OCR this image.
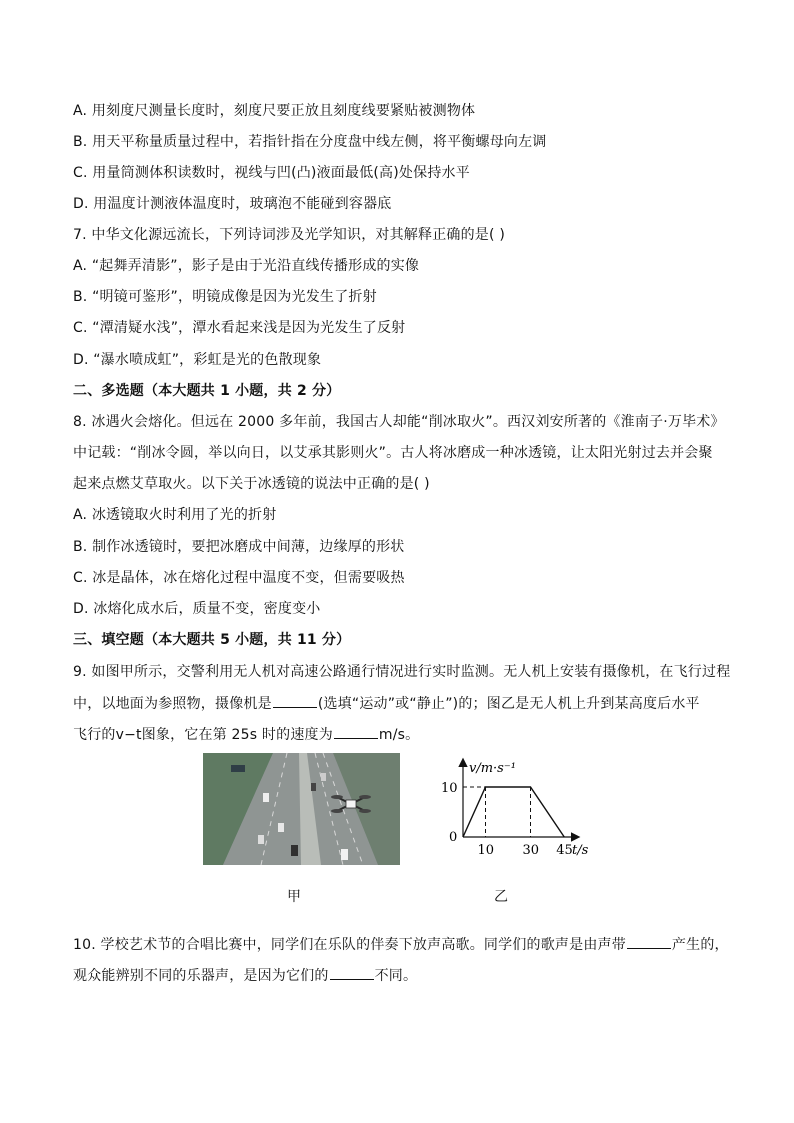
A. 用刻度尺测量长度时，刻度尺要正放且刻度线要紧贴被测物体
B. 用天平称量质量过程中，若指针指在分度盘中线左侧，将平衡螺母向左调
C. 用量筒测体积读数时，视线与凹(凸)液面最低(高)处保持水平
D. 用温度计测液体温度时，玻璃泡不能碰到容器底
7. 中华文化源远流长，下列诗词涉及光学知识，对其解释正确的是( )
A. “起舞弄清影”，影子是由于光沿直线传播形成的实像
B. “明镜可鉴形”，明镜成像是因为光发生了折射
C. “潭清疑水浅”，潭水看起来浅是因为光发生了反射
D. “瀑水喷成虹”，彩虹是光的色散现象
二、多选题（本大题共 1 小题，共 2 分）
8. 冰遇火会熔化。但远在 2000 多年前，我国古人却能“削冰取火”。西汉刘安所著的《淮南子·万毕术》
中记载：“削冰令圆，举以向日，以艾承其影则火”。古人将冰磨成一种冰透镜，让太阳光射过去并会聚
起来点燃艾草取火。以下关于冰透镜的说法中正确的是( )
A. 冰透镜取火时利用了光的折射
B. 制作冰透镜时，要把冰磨成中间薄，边缘厚的形状
C. 冰是晶体，冰在熔化过程中温度不变，但需要吸热
D. 冰熔化成水后，质量不变，密度变小
三、填空题（本大题共 5 小题，共 11 分）
9. 如图甲所示，交警利用无人机对高速公路通行情况进行实时监测。无人机上安装有摄像机，在飞行过程
中，以地面为参照物，摄像机是	(选填“运动”或“静止”)的；图乙是无人机上升到某高度后水平
飞行的v−t图象，它在第 25s 时的速度为	m/s。
10 30 45
10
v/m·s⁻¹
t/s
0
甲	乙
10. 学校艺术节的合唱比赛中，同学们在乐队的伴奏下放声高歌。同学们的歌声是由声带	产生的，
观众能辨别不同的乐器声，是因为它们的	不同。
